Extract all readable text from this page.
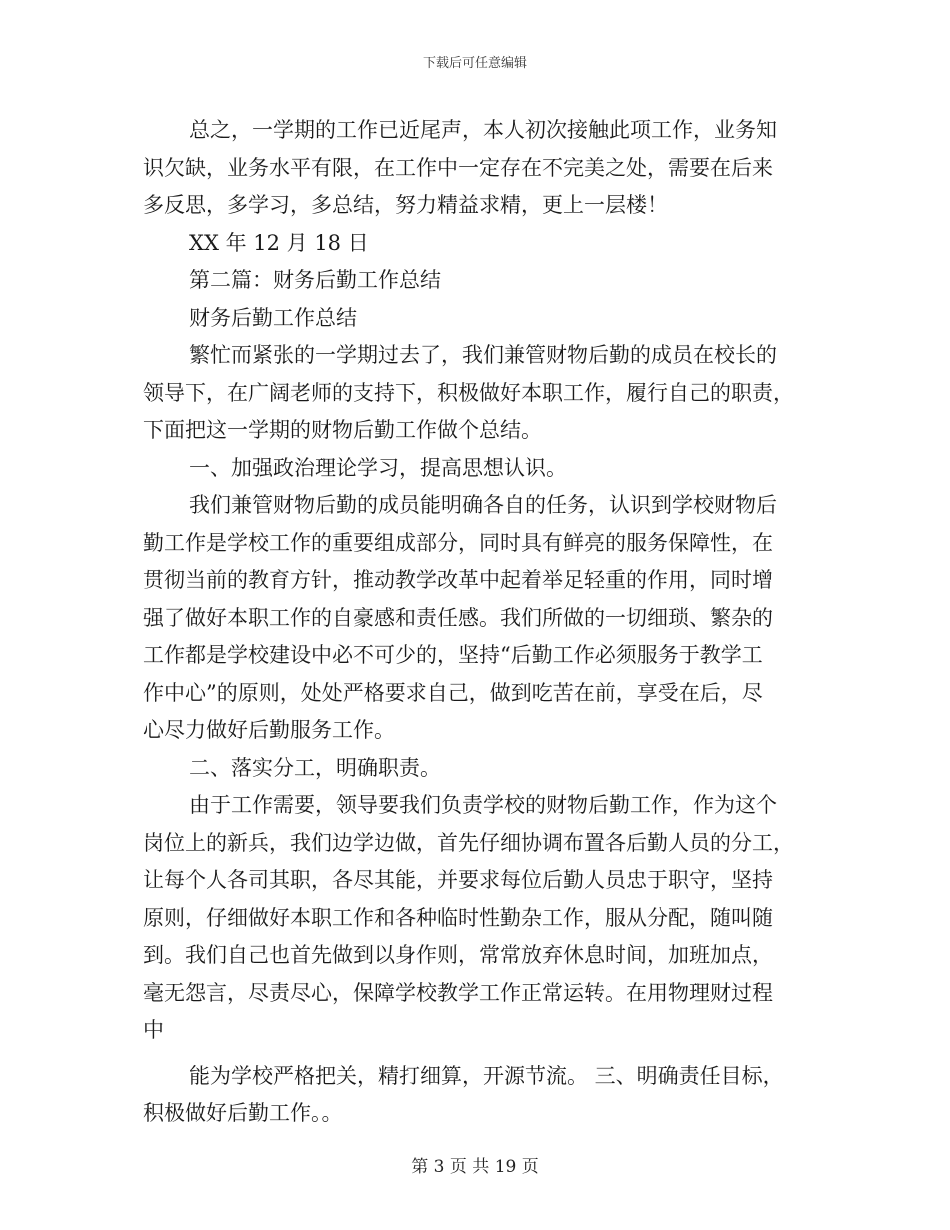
下载后可任意编辑
总之，一学期的工作已近尾声，本人初次接触此项工作，业务知
识欠缺，业务水平有限，在工作中一定存在不完美之处，需要在后来
多反思，多学习，多总结，努力精益求精，更上一层楼！
XX 年 12 月 18 日
第二篇：财务后勤工作总结
财务后勤工作总结
繁忙而紧张的一学期过去了，我们兼管财物后勤的成员在校长的
领导下，在广阔老师的支持下，积极做好本职工作，履行自己的职责，
下面把这一学期的财物后勤工作做个总结。
一、加强政治理论学习，提高思想认识。
我们兼管财物后勤的成员能明确各自的任务，认识到学校财物后
勤工作是学校工作的重要组成部分，同时具有鲜亮的服务保障性，在
贯彻当前的教育方针，推动教学改革中起着举足轻重的作用，同时增
强了做好本职工作的自豪感和责任感。我们所做的一切细琐、繁杂的
工作都是学校建设中必不可少的，坚持“后勤工作必须服务于教学工
作中心”的原则，处处严格要求自己，做到吃苦在前，享受在后，尽
心尽力做好后勤服务工作。
二、落实分工，明确职责。
由于工作需要，领导要我们负责学校的财物后勤工作，作为这个
岗位上的新兵，我们边学边做，首先仔细协调布置各后勤人员的分工，
让每个人各司其职，各尽其能，并要求每位后勤人员忠于职守，坚持
原则，仔细做好本职工作和各种临时性勤杂工作，服从分配，随叫随
到。我们自己也首先做到以身作则，常常放弃休息时间，加班加点，
毫无怨言，尽责尽心，保障学校教学工作正常运转。在用物理财过程
中
能为学校严格把关，精打细算，开源节流。 三、明确责任目标，
积极做好后勤工作。。
第 3 页 共 19 页
